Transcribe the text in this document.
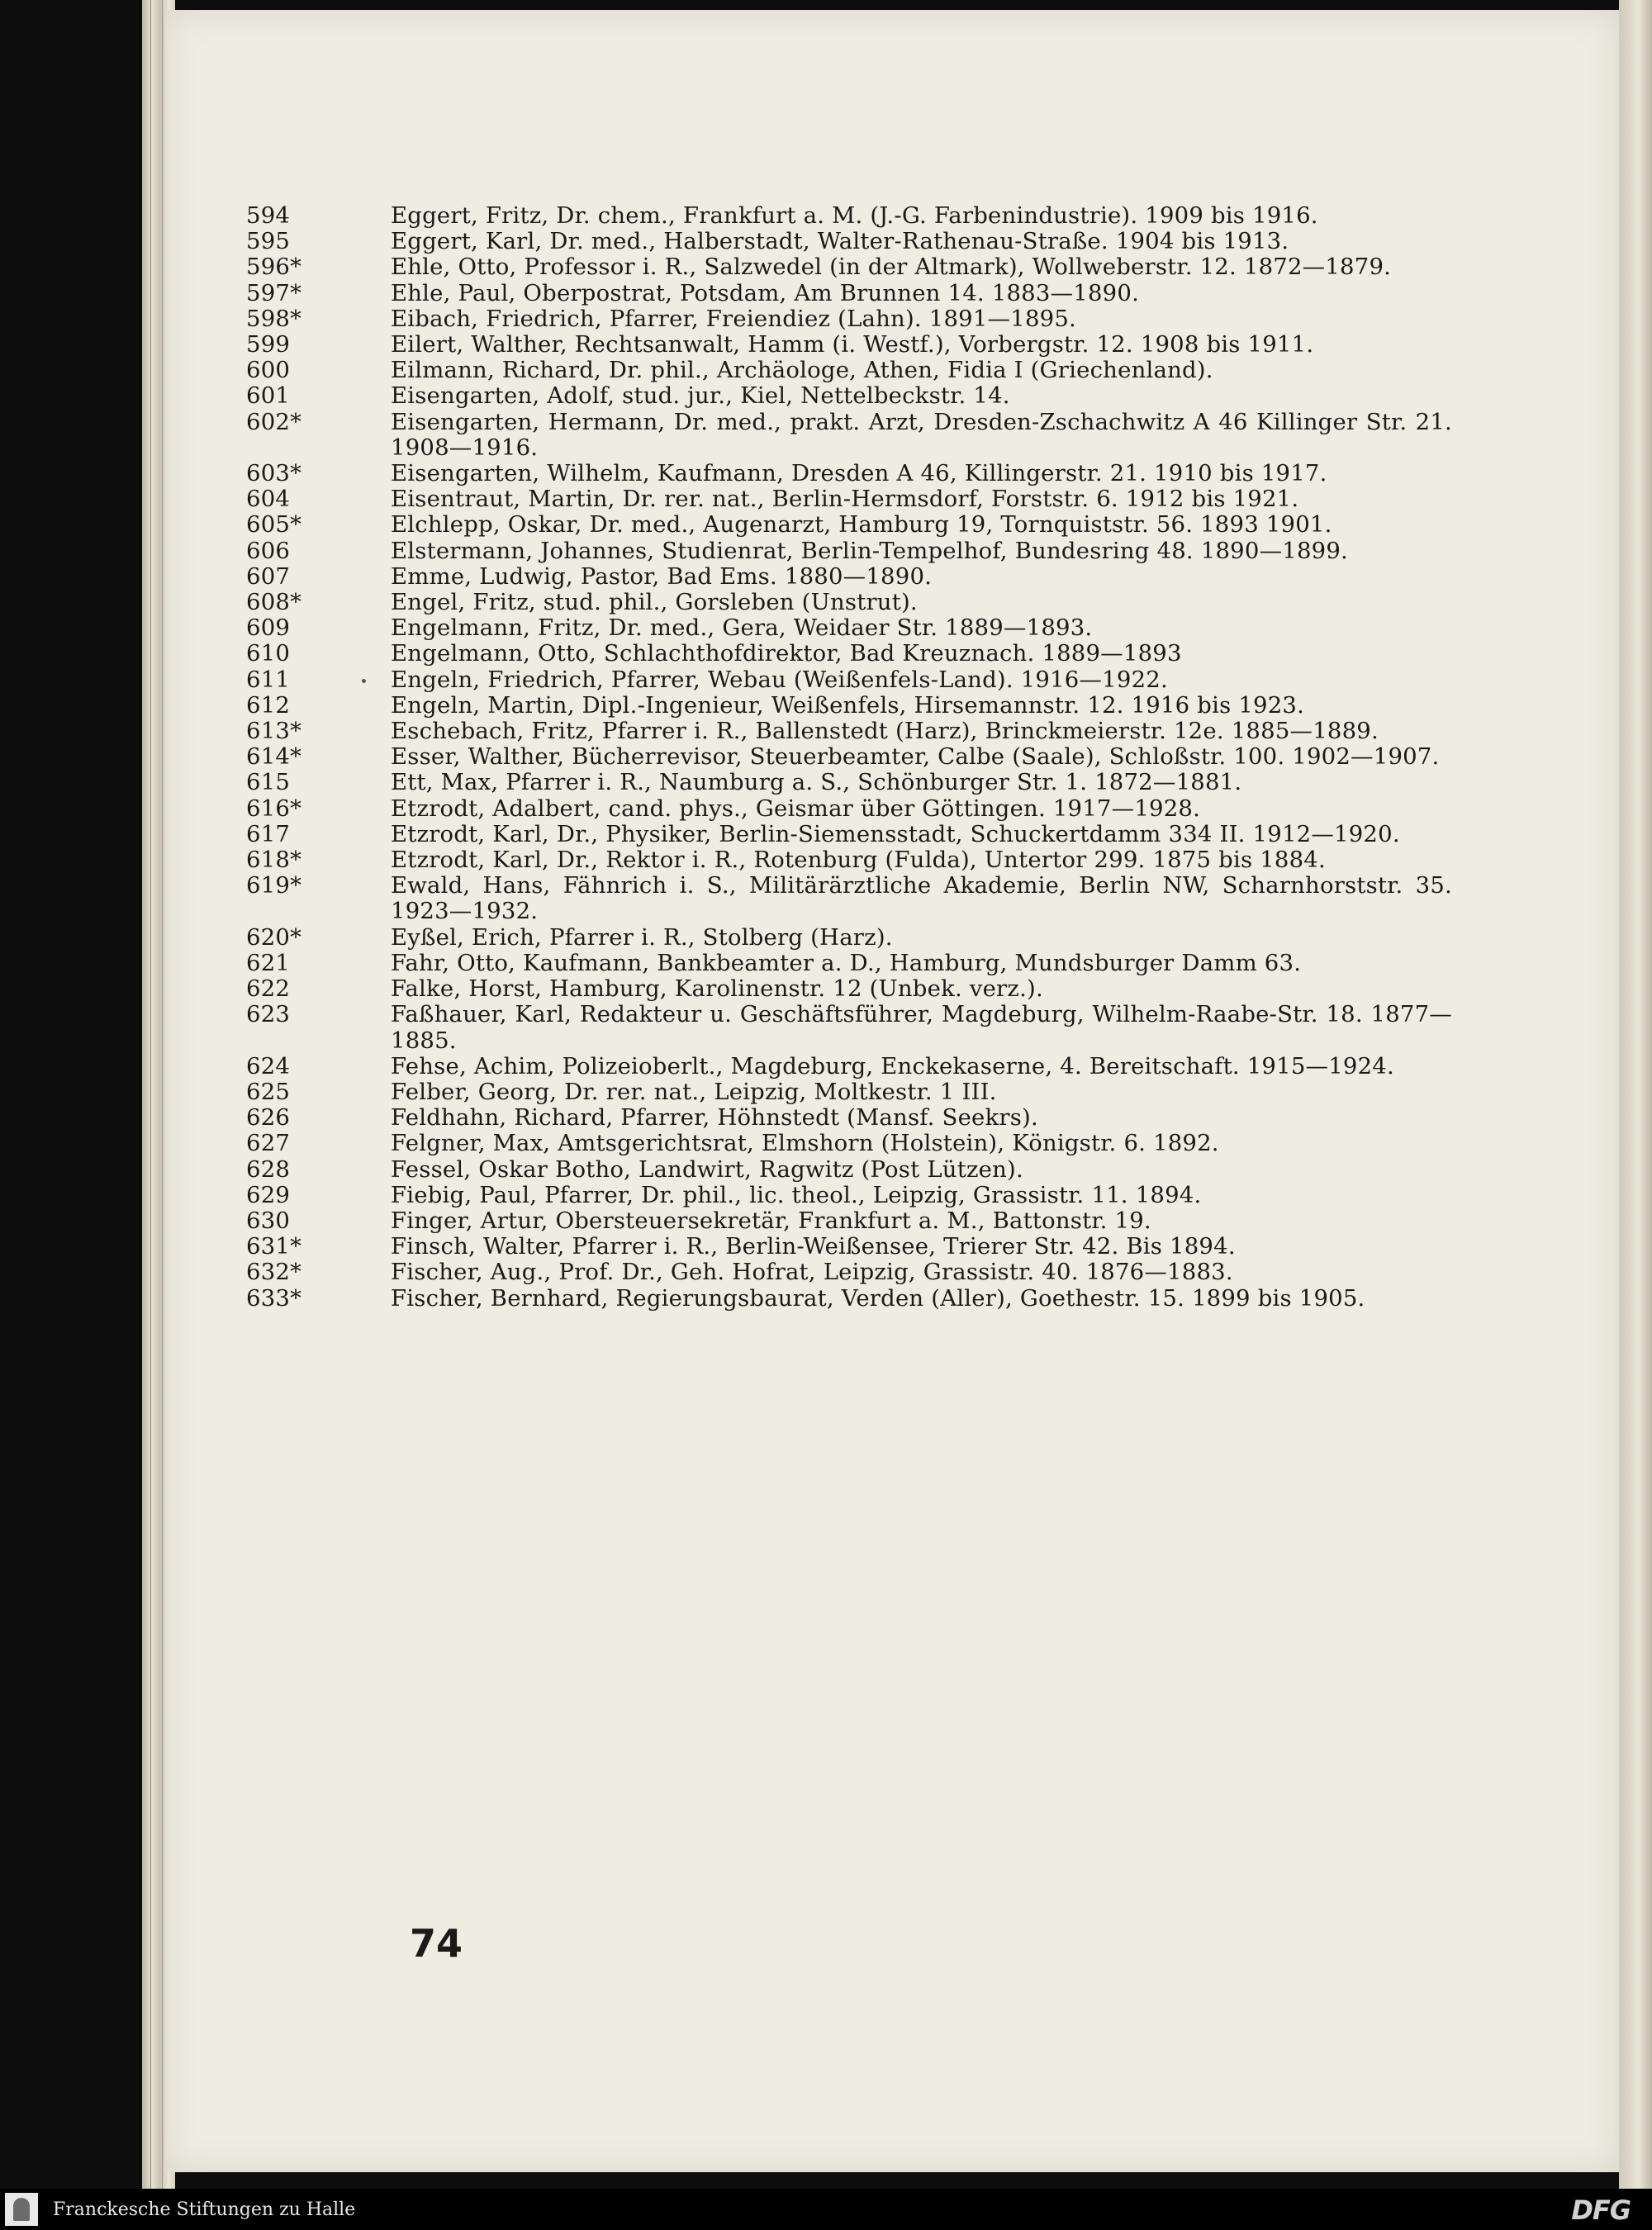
594	Eggert, Fritz, Dr. chem., Frankfurt a. M. (J.-G. Farbenindustrie). 1909 bis 1916.
595	Eggert, Karl, Dr. med., Halberstadt, Walter-Rathenau-Straße. 1904 bis 1913.
596*	Ehle, Otto, Professor i. R., Salzwedel (in der Altmark), Wollweberstr. 12. 1872—1879.
597*	Ehle, Paul, Oberpostrat, Potsdam, Am Brunnen 14. 1883—1890.
598*	Eibach, Friedrich, Pfarrer, Freiendiez (Lahn). 1891—1895.
599	Eilert, Walther, Rechtsanwalt, Hamm (i. Westf.), Vorbergstr. 12. 1908 bis 1911.
600	Eilmann, Richard, Dr. phil., Archäologe, Athen, Fidia I (Griechenland).
601	Eisengarten, Adolf, stud. jur., Kiel, Nettelbeckstr. 14.
602*	Eisengarten, Hermann, Dr. med., prakt. Arzt, Dresden-Zschachwitz A 46 Killinger Str. 21. 1908—1916.
603*	Eisengarten, Wilhelm, Kaufmann, Dresden A 46, Killingerstr. 21. 1910 bis 1917.
604	Eisentraut, Martin, Dr. rer. nat., Berlin-Hermsdorf, Forststr. 6. 1912 bis 1921.
605*	Elchlepp, Oskar, Dr. med., Augenarzt, Hamburg 19, Tornquiststr. 56. 1893 1901.
606	Elstermann, Johannes, Studienrat, Berlin-Tempelhof, Bundesring 48. 1890—1899.
607	Emme, Ludwig, Pastor, Bad Ems. 1880—1890.
608*	Engel, Fritz, stud. phil., Gorsleben (Unstrut).
609	Engelmann, Fritz, Dr. med., Gera, Weidaer Str. 1889—1893.
610	Engelmann, Otto, Schlachthofdirektor, Bad Kreuznach. 1889—1893
611	Engeln, Friedrich, Pfarrer, Webau (Weißenfels-Land). 1916—1922.
612	Engeln, Martin, Dipl.-Ingenieur, Weißenfels, Hirsemannstr. 12. 1916 bis 1923.
613*	Eschebach, Fritz, Pfarrer i. R., Ballenstedt (Harz), Brinckmeierstr. 12e. 1885—1889.
614*	Esser, Walther, Bücherrevisor, Steuerbeamter, Calbe (Saale), Schloßstr. 100. 1902—1907.
615	Ett, Max, Pfarrer i. R., Naumburg a. S., Schönburger Str. 1. 1872—1881.
616*	Etzrodt, Adalbert, cand. phys., Geismar über Göttingen. 1917—1928.
617	Etzrodt, Karl, Dr., Physiker, Berlin-Siemensstadt, Schuckertdamm 334 II. 1912—1920.
618*	Etzrodt, Karl, Dr., Rektor i. R., Rotenburg (Fulda), Untertor 299. 1875 bis 1884.
619*	Ewald, Hans, Fähnrich i. S., Militärärztliche Akademie, Berlin NW, Scharnhorststr. 35. 1923—1932.
620*	Eyßel, Erich, Pfarrer i. R., Stolberg (Harz).
621	Fahr, Otto, Kaufmann, Bankbeamter a. D., Hamburg, Mundsburger Damm 63.
622	Falke, Horst, Hamburg, Karolinenstr. 12 (Unbek. verz.).
623	Faßhauer, Karl, Redakteur u. Geschäftsführer, Magdeburg, Wilhelm-Raabe-Str. 18. 1877—1885.
624	Fehse, Achim, Polizeioberlt., Magdeburg, Enckekaserne, 4. Bereitschaft. 1915—1924.
625	Felber, Georg, Dr. rer. nat., Leipzig, Moltkestr. 1 III.
626	Feldhahn, Richard, Pfarrer, Höhnstedt (Mansf. Seekrs).
627	Felgner, Max, Amtsgerichtsrat, Elmshorn (Holstein), Königstr. 6. 1892.
628	Fessel, Oskar Botho, Landwirt, Ragwitz (Post Lützen).
629	Fiebig, Paul, Pfarrer, Dr. phil., lic. theol., Leipzig, Grassistr. 11. 1894.
630	Finger, Artur, Obersteuersekretär, Frankfurt a. M., Battonstr. 19.
631*	Finsch, Walter, Pfarrer i. R., Berlin-Weißensee, Trierer Str. 42. Bis 1894.
632*	Fischer, Aug., Prof. Dr., Geh. Hofrat, Leipzig, Grassistr. 40. 1876—1883.
633*	Fischer, Bernhard, Regierungsbaurat, Verden (Aller), Goethestr. 15. 1899 bis 1905.
74
Franckesche Stiftungen zu Halle	DFG
